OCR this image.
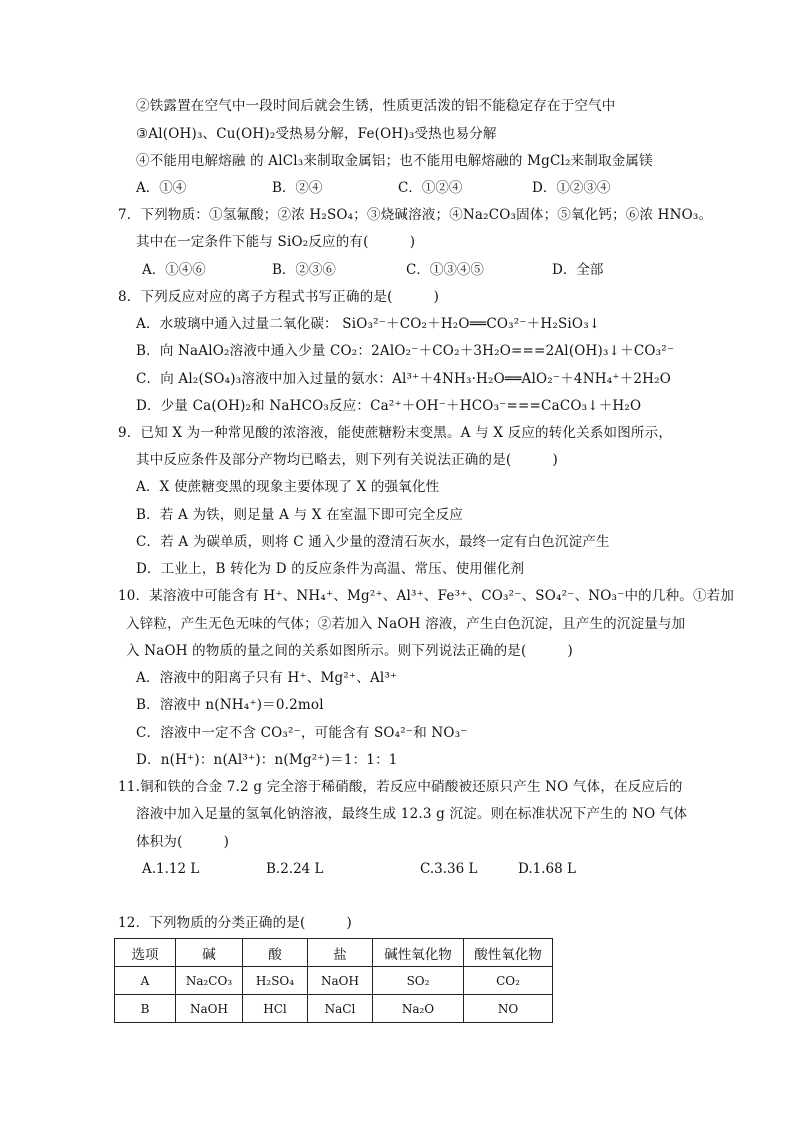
②铁露置在空气中一段时间后就会生锈，性质更活泼的铝不能稳定存在于空气中
③Al(OH)₃、Cu(OH)₂受热易分解，Fe(OH)₃受热也易分解
④不能用电解熔融 的 AlCl₃来制取金属铝；也不能用电解熔融的 MgCl₂来制取金属镁
A．①④	B．②④	C．①②④	D．①②③④
7．下列物质：①氢氟酸；②浓 H₂SO₄；③烧碱溶液；④Na₂CO₃固体；⑤氧化钙；⑥浓 HNO₃。
其中在一定条件下能与 SiO₂反应的有(　　　)
A．①④⑥	B．②③⑥	C．①③④⑤	D．全部
8．下列反应对应的离子方程式书写正确的是(　　　)
A．水玻璃中通入过量二氧化碳： SiO₃²⁻＋CO₂＋H₂O══CO₃²⁻＋H₂SiO₃↓
B．向 NaAlO₂溶液中通入少量 CO₂：2AlO₂⁻＋CO₂＋3H₂O===2Al(OH)₃↓＋CO₃²⁻
C．向 Al₂(SO₄)₃溶液中加入过量的氨水：Al³⁺＋4NH₃·H₂O══AlO₂⁻＋4NH₄⁺＋2H₂O
D．少量 Ca(OH)₂和 NaHCO₃反应：Ca²⁺＋OH⁻＋HCO₃⁻===CaCO₃↓＋H₂O
9．已知 X 为一种常见酸的浓溶液，能使蔗糖粉末变黑。A 与 X 反应的转化关系如图所示，
其中反应条件及部分产物均已略去，则下列有关说法正确的是(　　　)
A．X 使蔗糖变黑的现象主要体现了 X 的强氧化性
B．若 A 为铁，则足量 A 与 X 在室温下即可完全反应
C．若 A 为碳单质，则将 C 通入少量的澄清石灰水，最终一定有白色沉淀产生
D．工业上，B 转化为 D 的反应条件为高温、常压、使用催化剂
10．某溶液中可能含有 H⁺、NH₄⁺、Mg²⁺、Al³⁺、Fe³⁺、CO₃²⁻、SO₄²⁻、NO₃⁻中的几种。①若加
入锌粒，产生无色无味的气体；②若加入 NaOH 溶液，产生白色沉淀，且产生的沉淀量与加
入 NaOH 的物质的量之间的关系如图所示。则下列说法正确的是(　　　)
A．溶液中的阳离子只有 H⁺、Mg²⁺、Al³⁺
B．溶液中 n(NH₄⁺)＝0.2mol
C．溶液中一定不含 CO₃²⁻，可能含有 SO₄²⁻和 NO₃⁻
D．n(H⁺)：n(Al³⁺)：n(Mg²⁺)＝1：1：1
11.铜和铁的合金 7.2 g 完全溶于稀硝酸，若反应中硝酸被还原只产生 NO 气体，在反应后的
溶液中加入足量的氢氧化钠溶液，最终生成 12.3 g 沉淀。则在标准状况下产生的 NO 气体
体积为(　　　)
A.1.12 L	B.2.24 L	C.3.36 L	D.1.68 L
12．下列物质的分类正确的是(　　　)
选项	碱	酸	盐	碱性氧化物	酸性氧化物
A	Na₂CO₃	H₂SO₄	NaOH	SO₂	CO₂
B	NaOH	HCl	NaCl	Na₂O	NO
